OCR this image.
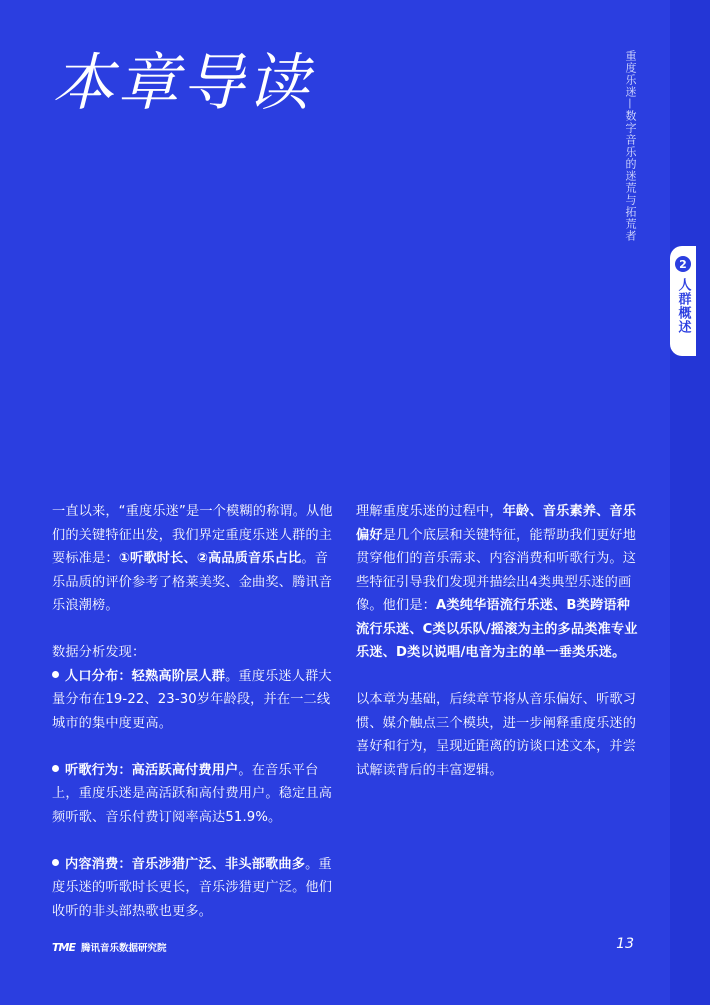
本章导读	重度乐迷—数字音乐的迷荒与拓荒者
2
人群概述

一直以来，“重度乐迷”是一个模糊的称谓。从他们的关键特征出发，我们界定重度乐迷人群的主要标准是：①听歌时长、②高品质音乐占比。音乐品质的评价参考了格莱美奖、金曲奖、腾讯音乐浪潮榜。

数据分析发现：

人口分布：轻熟高阶层人群。重度乐迷人群大量分布在19-22、23-30岁年龄段，并在一二线城市的集中度更高。
听歌行为：高活跃高付费用户。在音乐平台上，重度乐迷是高活跃和高付费用户。稳定且高频听歌、音乐付费订阅率高达51.9%。
内容消费：音乐涉猎广泛、非头部歌曲多。重度乐迷的听歌时长更长，音乐涉猎更广泛。他们收听的非头部热歌也更多。

理解重度乐迷的过程中，年龄、音乐素养、音乐偏好是几个底层和关键特征，能帮助我们更好地贯穿他们的音乐需求、内容消费和听歌行为。这些特征引导我们发现并描绘出4类典型乐迷的画像。他们是：A类纯华语流行乐迷、B类跨语种流行乐迷、C类以乐队/摇滚为主的多品类准专业乐迷、D类以说唱/电音为主的单一垂类乐迷。

以本章为基础，后续章节将从音乐偏好、听歌习惯、媒介触点三个模块，进一步阐释重度乐迷的喜好和行为，呈现近距离的访谈口述文本，并尝试解读背后的丰富逻辑。

TME 腾讯音乐数据研究院	13
